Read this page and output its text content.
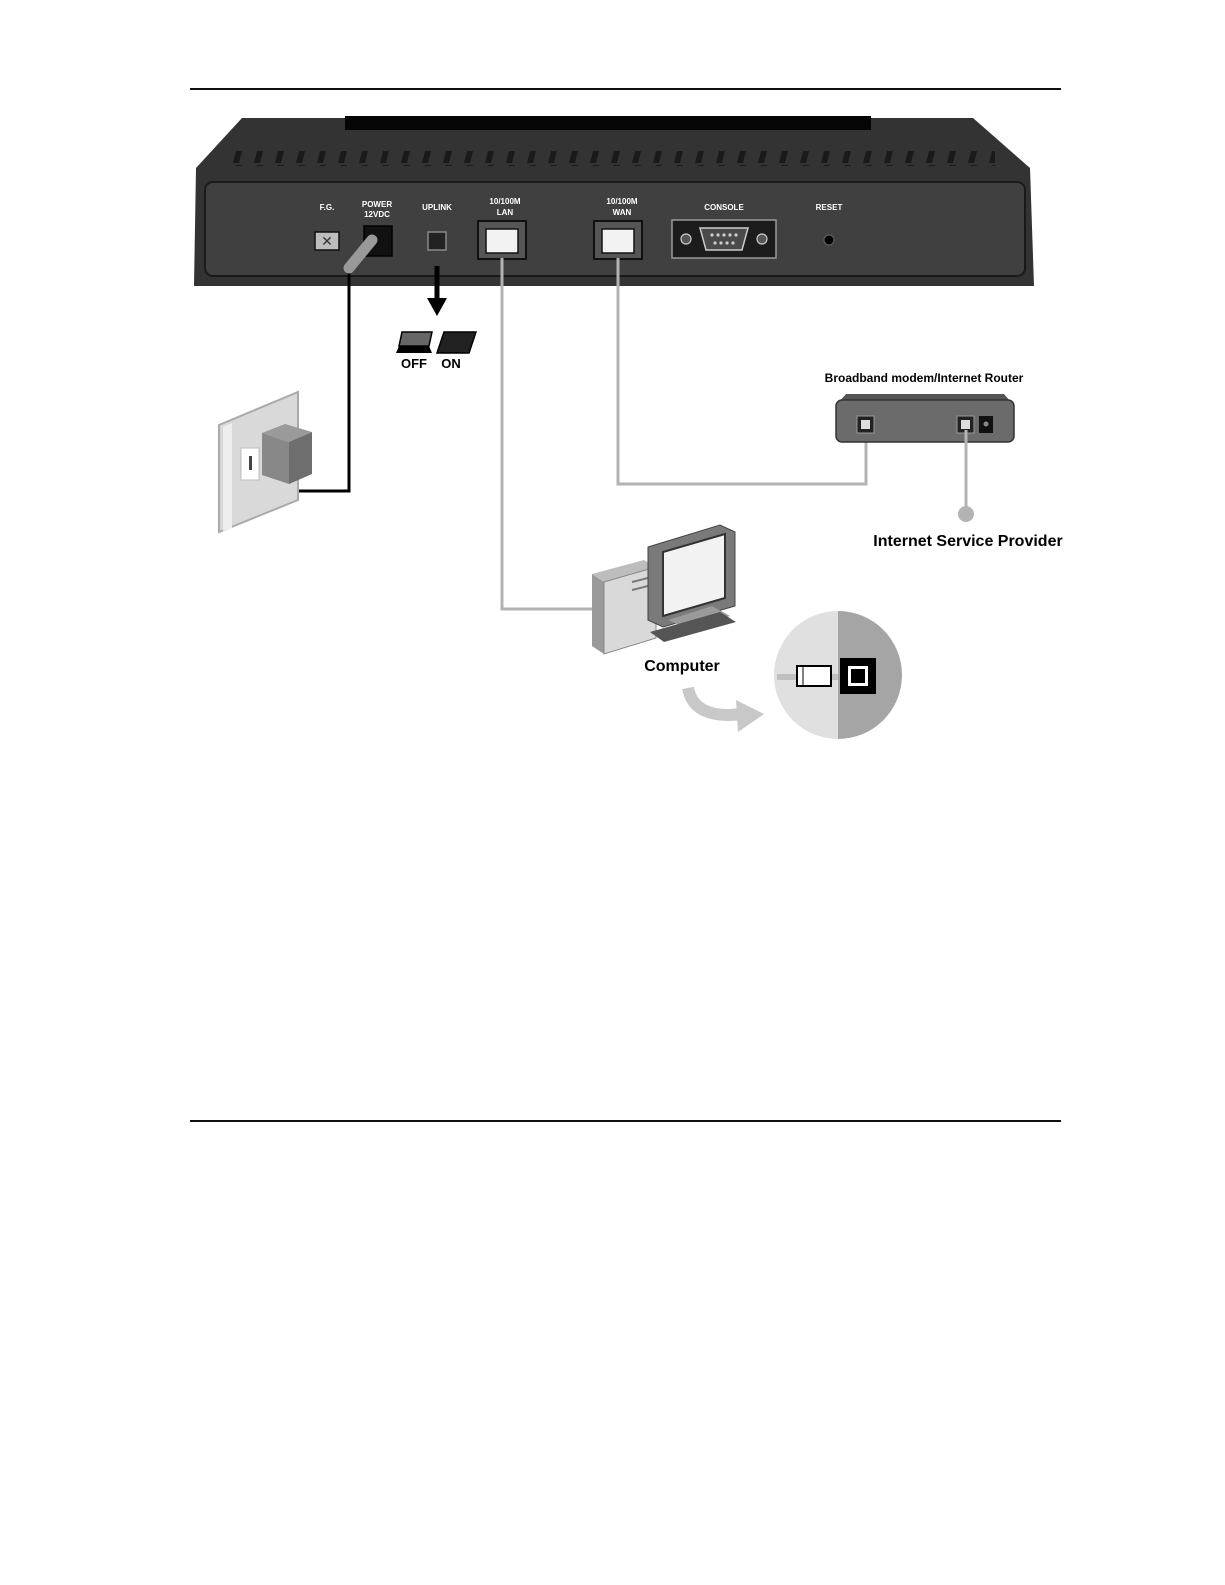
F.G.
✕
POWER
12VDC
UPLINK
10/100M
LAN
10/100M
WAN
CONSOLE	RESET
OFF ON
Broadband modem/Internet Router
Internet Service Provider
Computer
